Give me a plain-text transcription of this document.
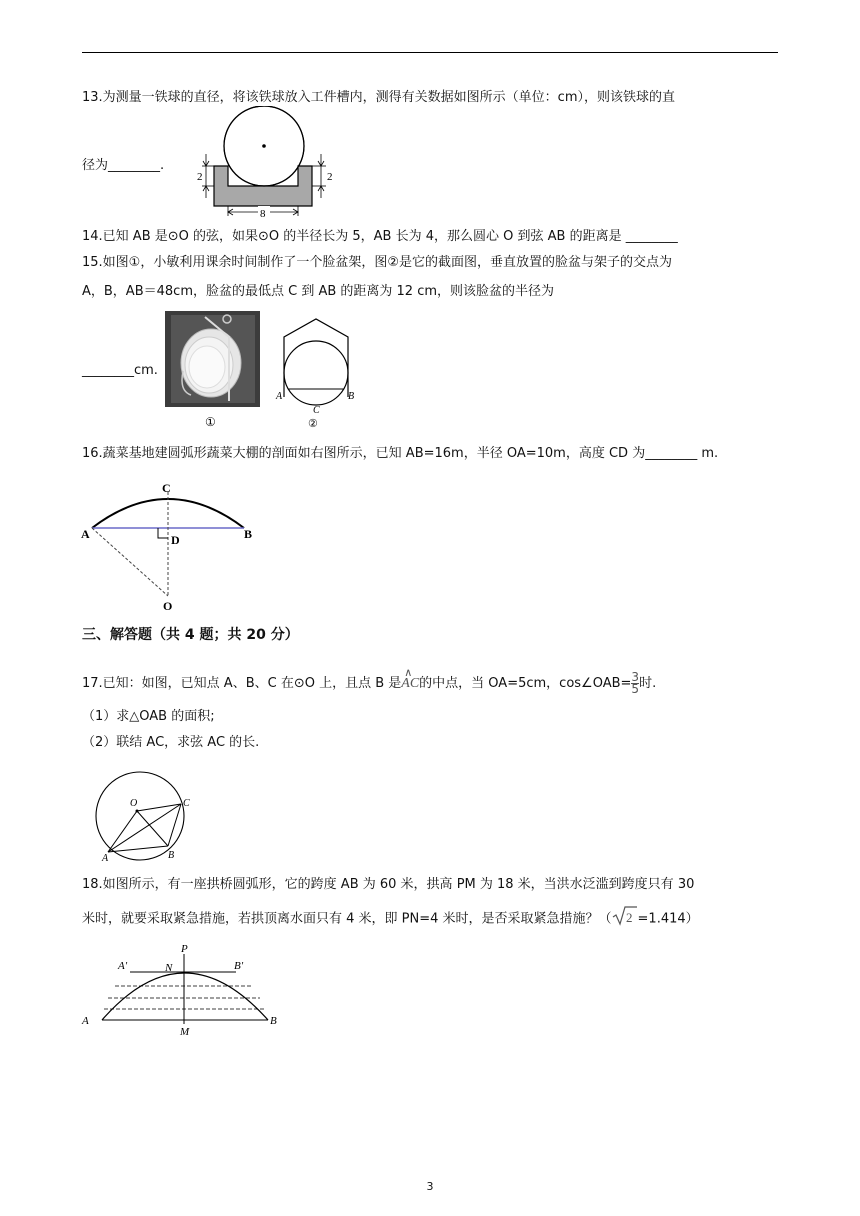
13.为测量一铁球的直径，将该铁球放入工件槽内，测得有关数据如图所示（单位：cm），则该铁球的直
径为________.
2	2
8
14.已知 AB 是⊙O 的弦，如果⊙O 的半径长为 5，AB 长为 4，那么圆心 O 到弦 AB 的距离是 ________
15.如图①，小敏利用课余时间制作了一个脸盆架，图②是它的截面图，垂直放置的脸盆与架子的交点为
A，B，AB＝48cm，脸盆的最低点 C 到 AB 的距离为 12 cm，则该脸盆的半径为
________cm.
①
A	B
C
②
16.蔬菜基地建圆弧形蔬菜大棚的剖面如右图所示，已知 AB=16m，半径 OA=10m，高度 CD 为________ m.
A	B
C
D
O
三、解答题（共 4 题；共 20 分）
17.已知：如图，已知点 A、B、C 在⊙O 上，且点 B 是
∧
AC的中点，当 OA=5cm，cos∠OAB= $\frac{3}{5}$ 时.
（1）求△OAB 的面积;
（2）联结 AC，求弦 AC 的长.
O
A	B
C
18.如图所示，有一座拱桥圆弧形，它的跨度 AB 为 60 米，拱高 PM 为 18 米，当洪水泛滥到跨度只有 30
米时，就要采取紧急措施，若拱顶离水面只有 4 米，即 PN=4 米时，是否采取紧急措施？（ 2 =1.414）
P
N
A′	B′
A	B
M
3
